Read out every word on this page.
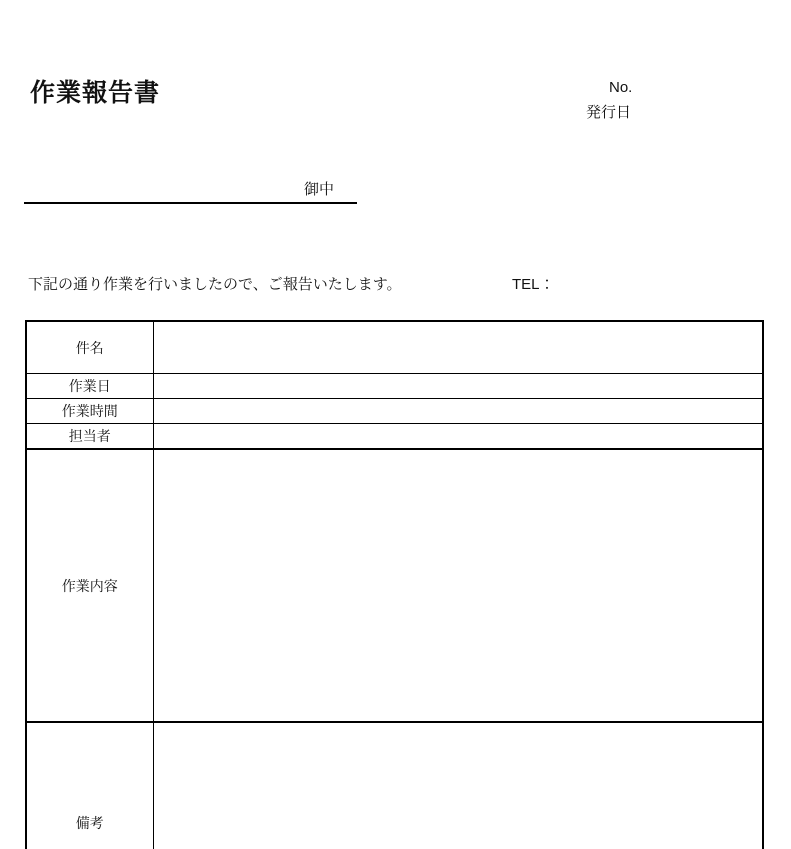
作業報告書	No.
発行日
御中
下記の通り作業を行いましたので、ご報告いたします。	TEL：
件名	
作業日	
作業時間	
担当者	
作業内容	
備考	
